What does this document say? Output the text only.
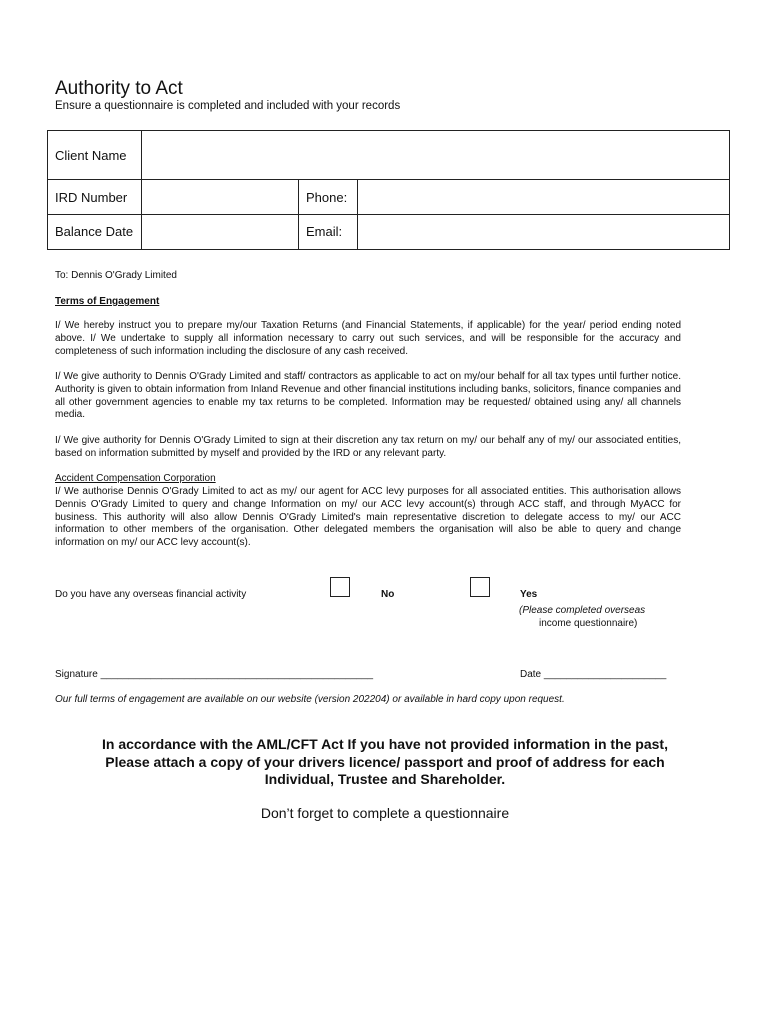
Authority to Act
Ensure a questionnaire is completed and included with your records
Client Name			
IRD Number		Phone:	
Balance Date		Email:	
To: Dennis O'Grady Limited
Terms of Engagement

I/ We hereby instruct you to prepare my/our Taxation Returns (and Financial Statements, if applicable) for the year/ period ending noted above. I/ We undertake to supply all information necessary to carry out such services, and will be responsible for the accuracy and completeness of such information including the disclosure of any cash received.

I/ We give authority to Dennis O'Grady Limited and staff/ contractors as applicable to act on my/our behalf for all tax types until further notice. Authority is given to obtain information from Inland Revenue and other financial institutions including banks, solicitors, finance companies and all other government agencies to enable my tax returns to be completed. Information may be requested/ obtained using any/ all channels media.

I/ We give authority for Dennis O'Grady Limited to sign at their discretion any tax return on my/ our behalf any of my/ our associated entities, based on information submitted by myself and provided by the IRD or any relevant party.

Accident Compensation Corporation

I/ We authorise Dennis O'Grady Limited to act as my/ our agent for ACC levy purposes for all associated entities. This authorisation allows Dennis O'Grady Limited to query and change Information on my/ our ACC levy account(s) through ACC staff, and through MyACC for business. This authority will also allow Dennis O'Grady Limited's main representative discretion to delegate access to my/ our ACC information to other members of the organisation. Other delegated members the organisation will also be able to query and change information on my/ our ACC levy account(s).

Do you have any overseas financial activity	No	Yes
(Please completed overseas
income questionnaire)
Signature _________________________________________________	Date ______________________
Our full terms of engagement are available on our website (version 202204) or available in hard copy upon request.
In accordance with the AML/CFT Act If you have not provided information in the past,
Please attach a copy of your drivers licence/ passport and proof of address for each
Individual, Trustee and Shareholder.
Don’t forget to complete a questionnaire
